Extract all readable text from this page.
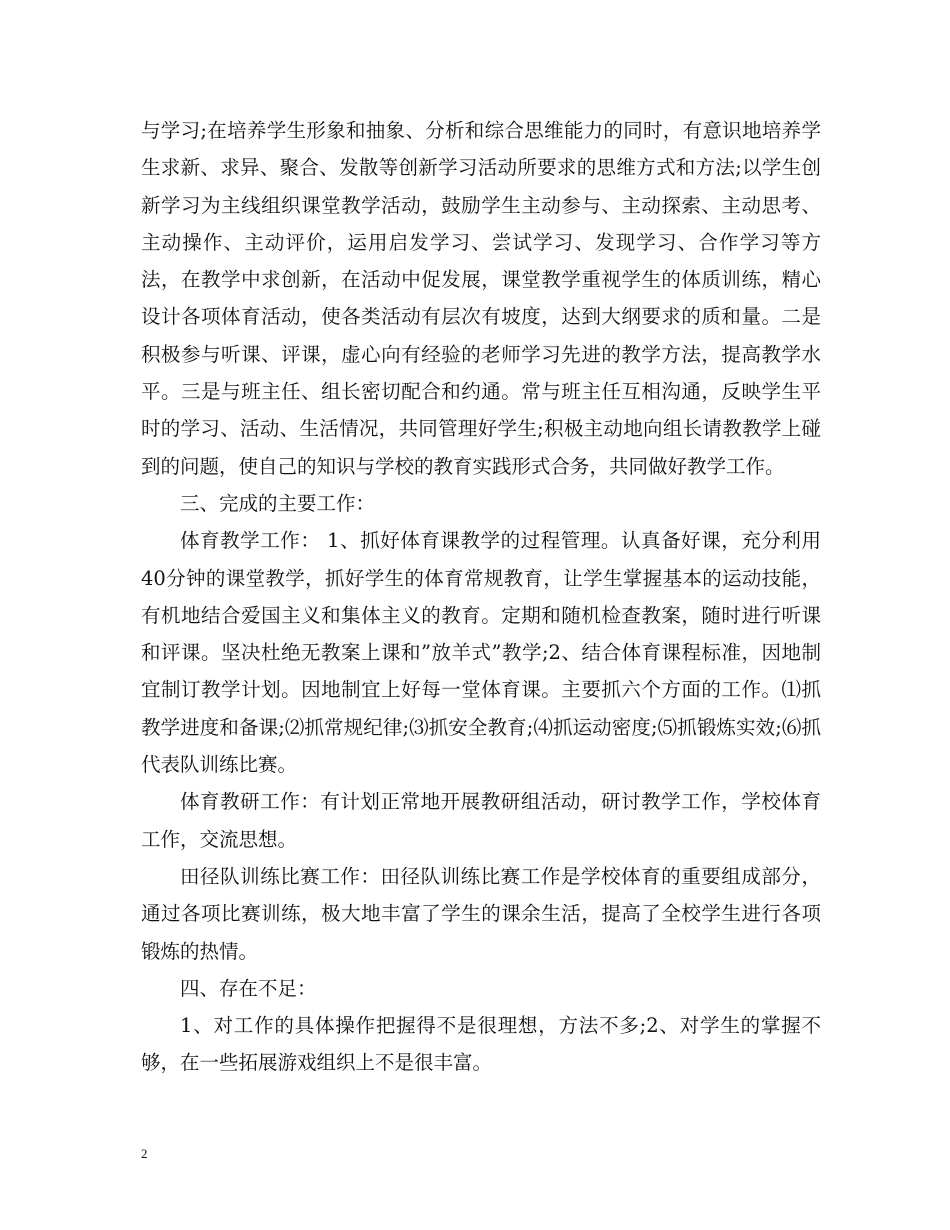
与学习;在培养学生形象和抽象、分析和综合思维能力的同时，有意识地培养学生求新、求异、聚合、发散等创新学习活动所要求的思维方式和方法;以学生创新学习为主线组织课堂教学活动，鼓励学生主动参与、主动探索、主动思考、主动操作、主动评价，运用启发学习、尝试学习、发现学习、合作学习等方法，在教学中求创新，在活动中促发展，课堂教学重视学生的体质训练，精心设计各项体育活动，使各类活动有层次有坡度，达到大纲要求的质和量。二是积极参与听课、评课，虚心向有经验的老师学习先进的教学方法，提高教学水平。三是与班主任、组长密切配合和约通。常与班主任互相沟通，反映学生平时的学习、活动、生活情况，共同管理好学生;积极主动地向组长请教教学上碰到的问题，使自己的知识与学校的教育实践形式合务，共同做好教学工作。

三、完成的主要工作：

体育教学工作： 1、抓好体育课教学的过程管理。认真备好课，充分利用40分钟的课堂教学，抓好学生的体育常规教育，让学生掌握基本的运动技能，有机地结合爱国主义和集体主义的教育。定期和随机检查教案，随时进行听课和评课。坚决杜绝无教案上课和”放羊式”教学;2、结合体育课程标准，因地制宜制订教学计划。因地制宜上好每一堂体育课。主要抓六个方面的工作。⑴抓教学进度和备课;⑵抓常规纪律;⑶抓安全教育;⑷抓运动密度;⑸抓锻炼实效;⑹抓代表队训练比赛。

体育教研工作：有计划正常地开展教研组活动，研讨教学工作，学校体育工作，交流思想。

田径队训练比赛工作：田径队训练比赛工作是学校体育的重要组成部分，通过各项比赛训练，极大地丰富了学生的课余生活，提高了全校学生进行各项锻炼的热情。

四、存在不足：

1、对工作的具体操作把握得不是很理想，方法不多;2、对学生的掌握不够，在一些拓展游戏组织上不是很丰富。

2
